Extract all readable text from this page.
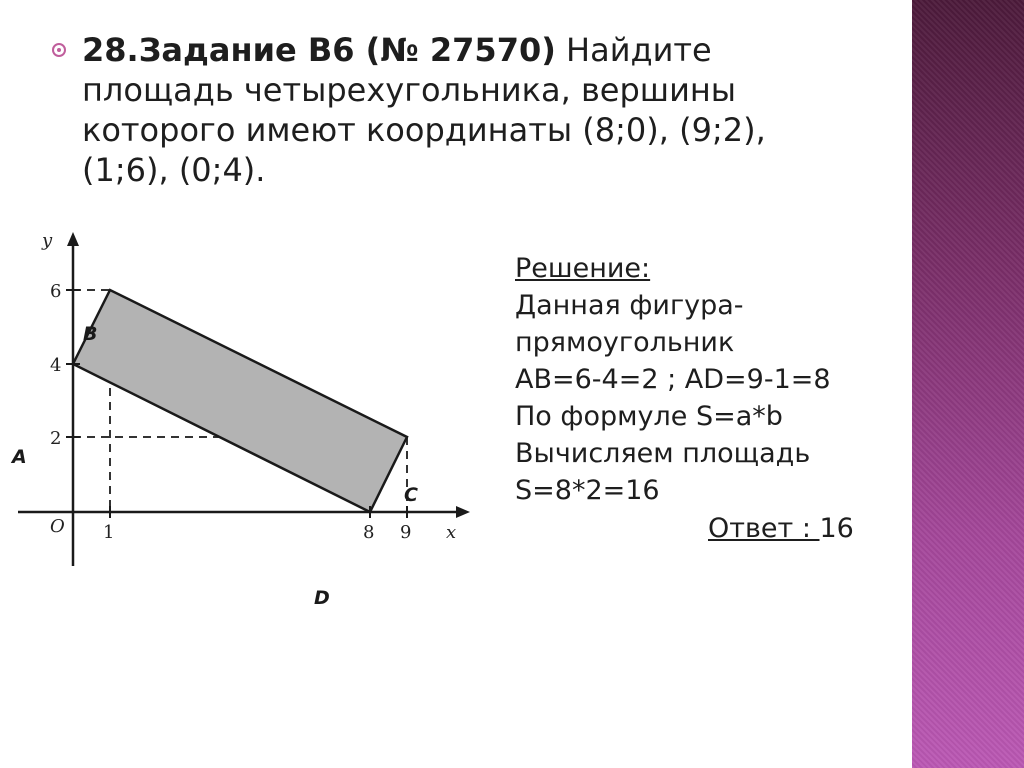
28.Задание B6 (№ 27570) Найдите площадь четырехугольника, вершины которого имеют координаты (8;0), (9;2), (1;6), (0;4).
6
4
2
1	8 9
O	x
y
B
A
C
D
Решение:
Данная фигура-
прямоугольник
AB=6-4=2 ; AD=9-1=8
По формуле S=a*b
Вычисляем площадь
S=8*2=16
Ответ : 16
